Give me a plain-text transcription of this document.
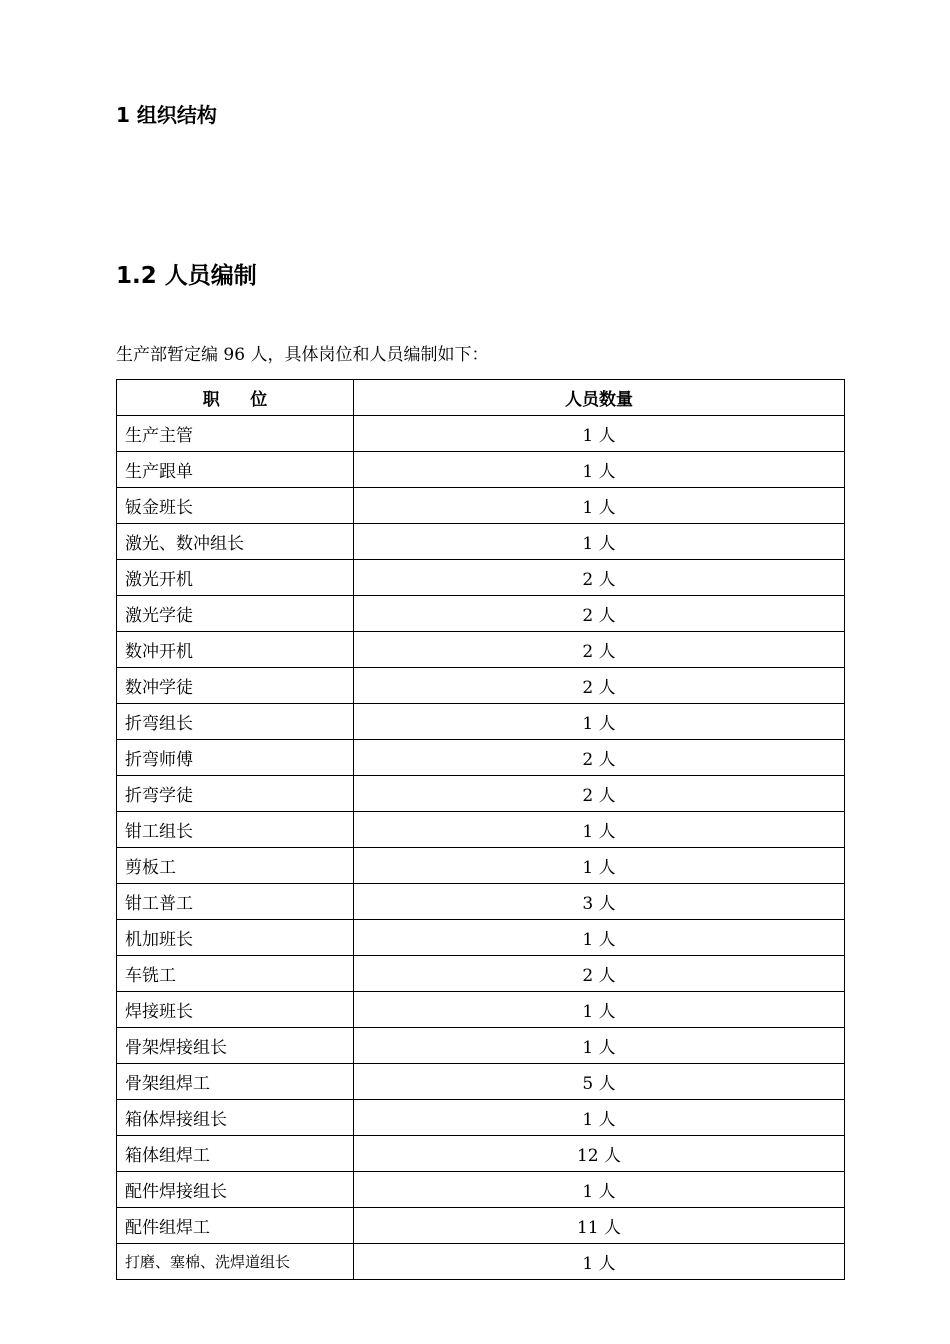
1 组织结构
1.2 人员编制
生产部暂定编 96 人，具体岗位和人员编制如下：
职位	人员数量
生产主管	1 人
生产跟单	1 人
钣金班长	1 人
激光、数冲组长	1 人
激光开机	2 人
激光学徒	2 人
数冲开机	2 人
数冲学徒	2 人
折弯组长	1 人
折弯师傅	2 人
折弯学徒	2 人
钳工组长	1 人
剪板工	1 人
钳工普工	3 人
机加班长	1 人
车铣工	2 人
焊接班长	1 人
骨架焊接组长	1 人
骨架组焊工	5 人
箱体焊接组长	1 人
箱体组焊工	12 人
配件焊接组长	1 人
配件组焊工	11 人
打磨、塞棉、洗焊道组长	1 人
